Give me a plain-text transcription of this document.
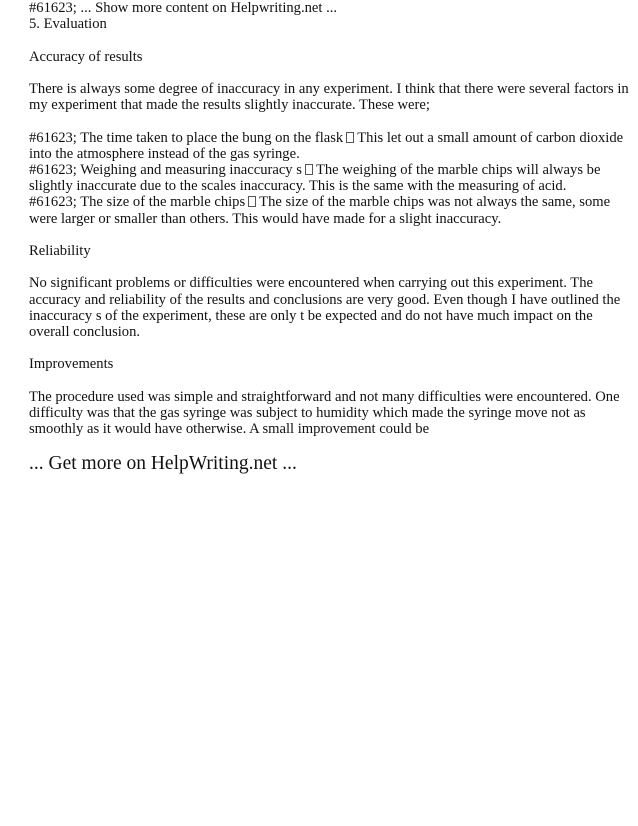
#61623; ... Show more content on Helpwriting.net ...
5. Evaluation
Accuracy of results
There is always some degree of inaccuracy in any experiment. I think that there were several factors in
my experiment that made the results slightly inaccurate. These were;
#61623; The time taken to place the bung on the flask This let out a small amount of carbon dioxide
into the atmosphere instead of the gas syringe.
#61623; Weighing and measuring inaccuracy s The weighing of the marble chips will always be
slightly inaccurate due to the scales inaccuracy. This is the same with the measuring of acid.
#61623; The size of the marble chips The size of the marble chips was not always the same, some
were larger or smaller than others. This would have made for a slight inaccuracy.
Reliability
No significant problems or difficulties were encountered when carrying out this experiment. The
accuracy and reliability of the results and conclusions are very good. Even though I have outlined the
inaccuracy s of the experiment, these are only t be expected and do not have much impact on the
overall conclusion.
Improvements
The procedure used was simple and straightforward and not many difficulties were encountered. One
difficulty was that the gas syringe was subject to humidity which made the syringe move not as
smoothly as it would have otherwise. A small improvement could be
... Get more on HelpWriting.net ...
